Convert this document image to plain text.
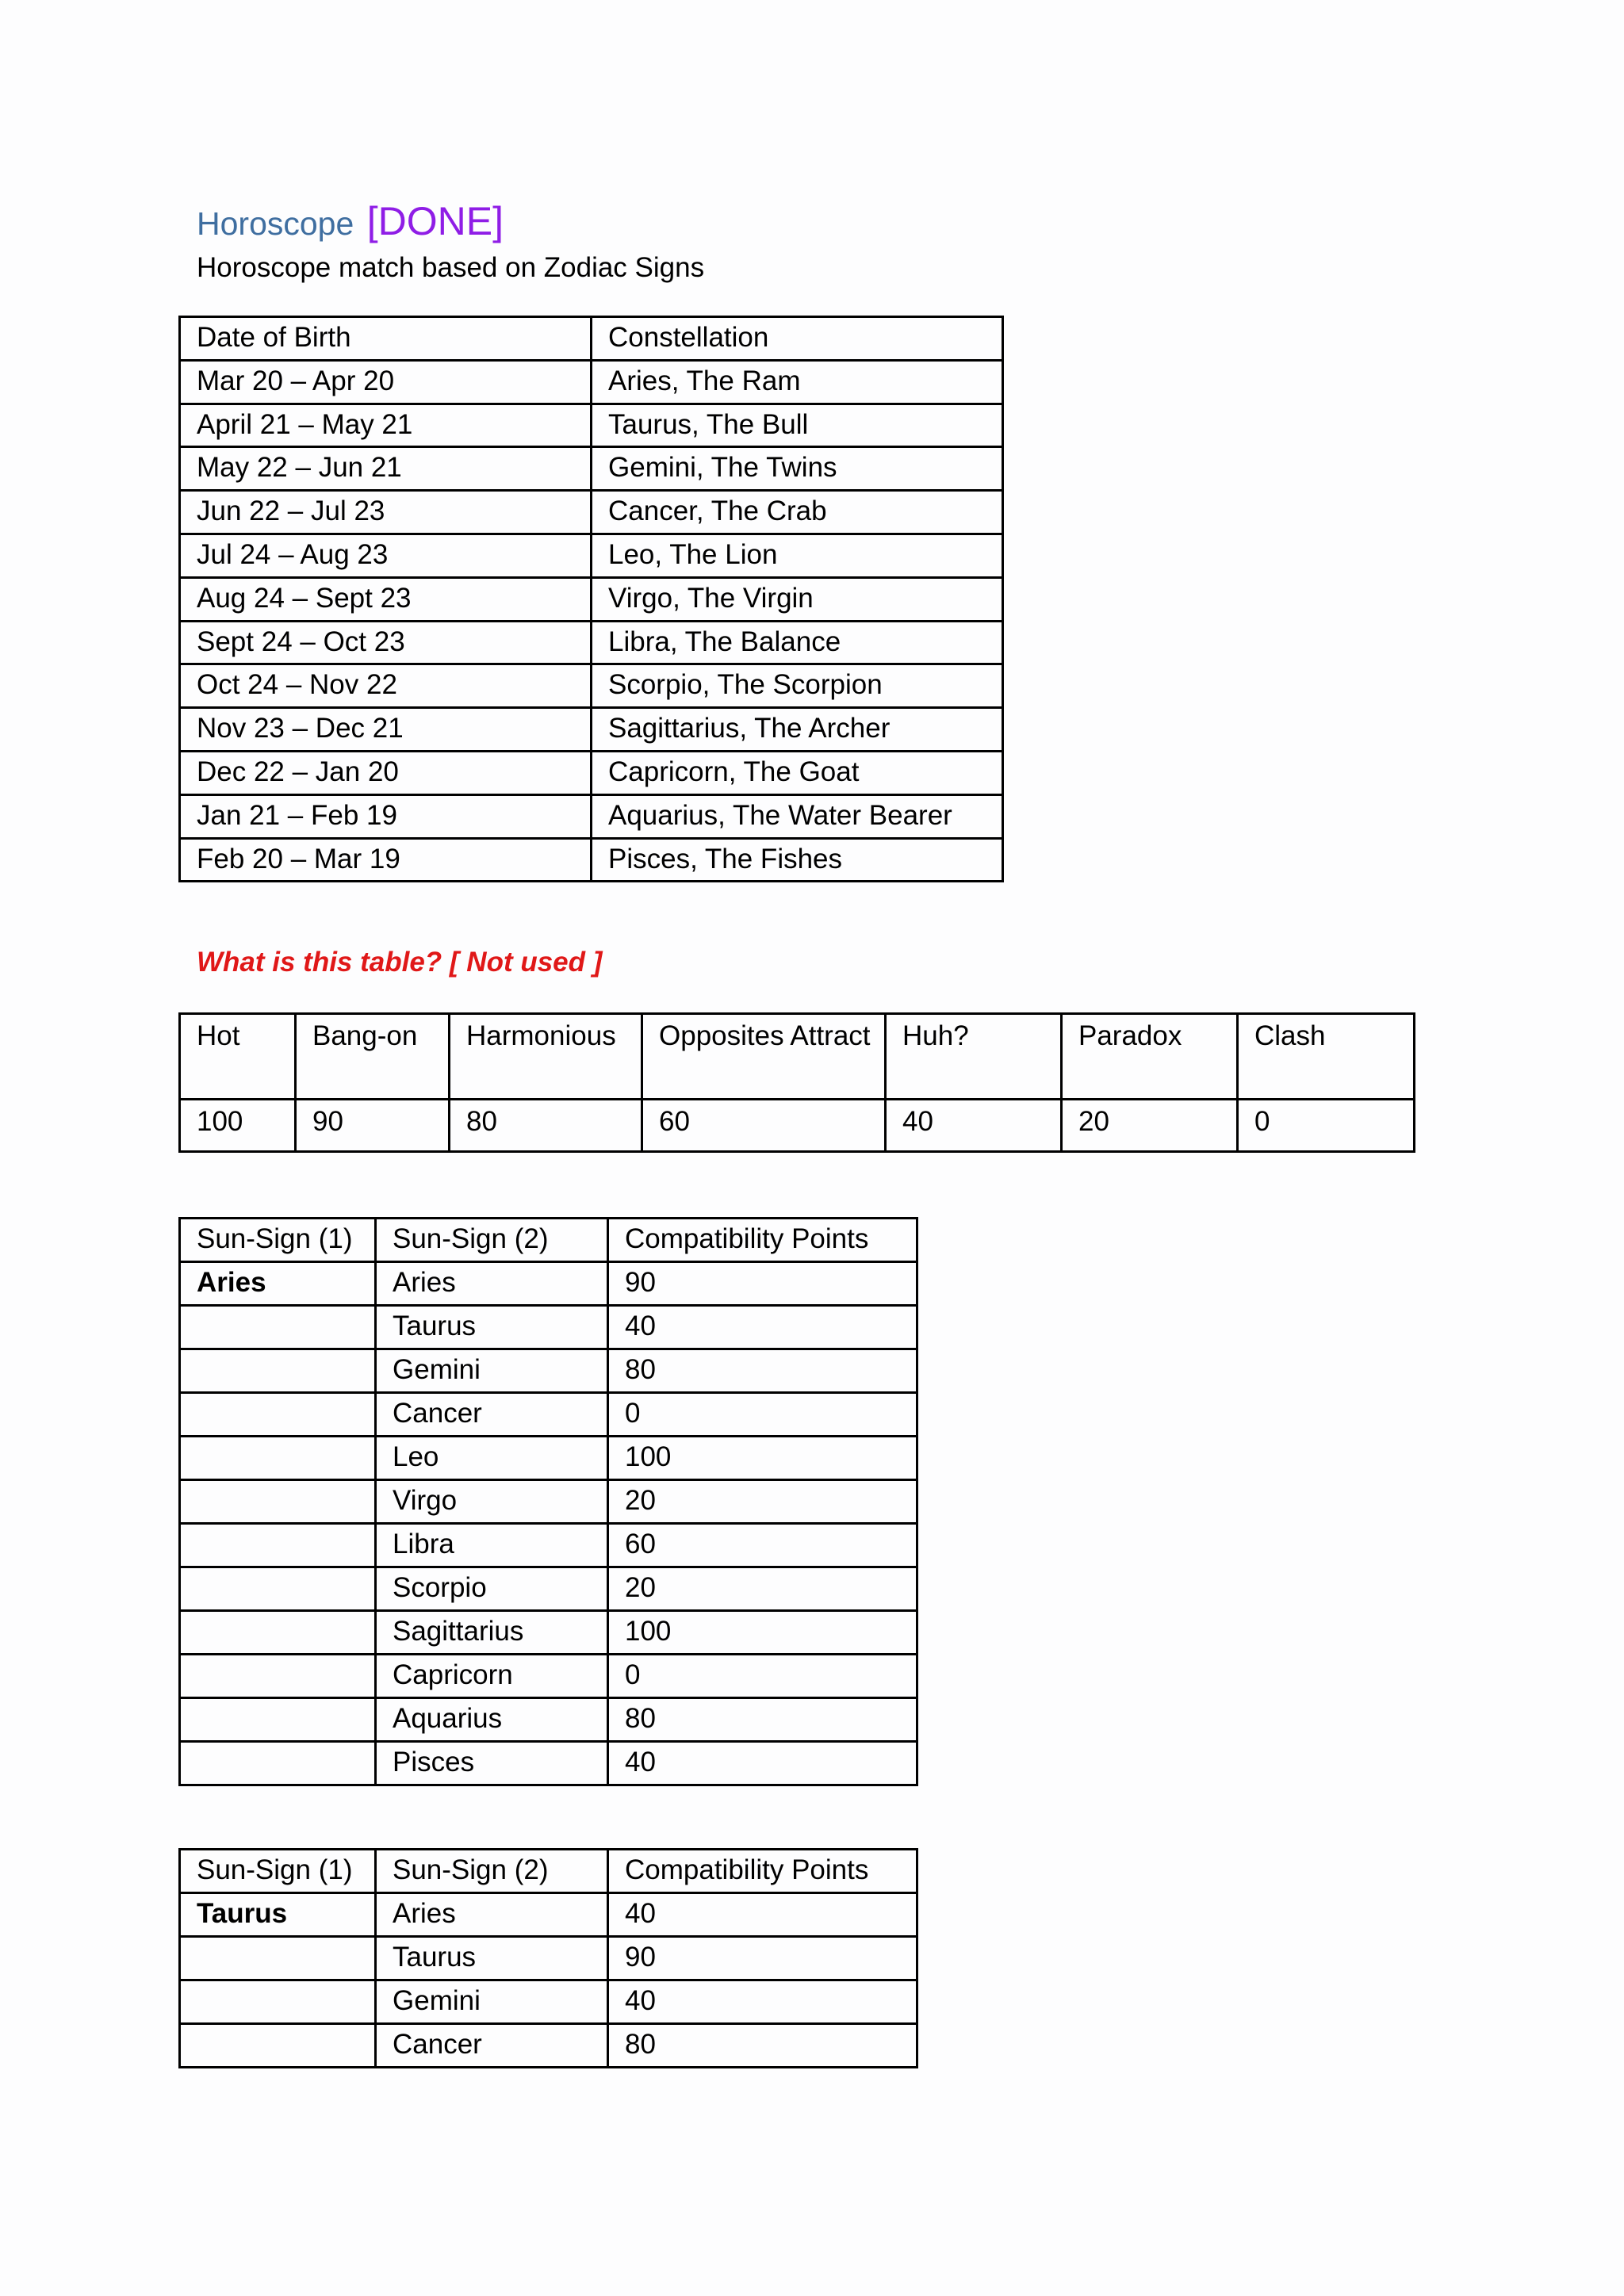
Horoscope [DONE]
Horoscope match based on Zodiac Signs
Date of Birth	Constellation
Mar 20 – Apr 20	Aries, The Ram
April 21 – May 21	Taurus, The Bull
May 22 – Jun 21	Gemini, The Twins
Jun 22 – Jul 23	Cancer, The Crab
Jul 24 – Aug 23	Leo, The Lion
Aug 24 – Sept 23	Virgo, The Virgin
Sept 24 – Oct 23	Libra, The Balance
Oct 24 – Nov 22	Scorpio, The Scorpion
Nov 23 – Dec 21	Sagittarius, The Archer
Dec 22 – Jan 20	Capricorn, The Goat
Jan 21 – Feb 19	Aquarius, The Water Bearer
Feb 20 – Mar 19	Pisces, The Fishes
What is this table? [ Not used ]
Hot	Bang-on	Harmonious	Opposites Attract	Huh?	Paradox	Clash
100	90	80	60	40	20	0
Sun-Sign (1)	Sun-Sign (2)	Compatibility Points
Aries	Aries	90
	Taurus	40
	Gemini	80
	Cancer	0
	Leo	100
	Virgo	20
	Libra	60
	Scorpio	20
	Sagittarius	100
	Capricorn	0
	Aquarius	80
	Pisces	40
Sun-Sign (1)	Sun-Sign (2)	Compatibility Points
Taurus	Aries	40
	Taurus	90
	Gemini	40
	Cancer	80
